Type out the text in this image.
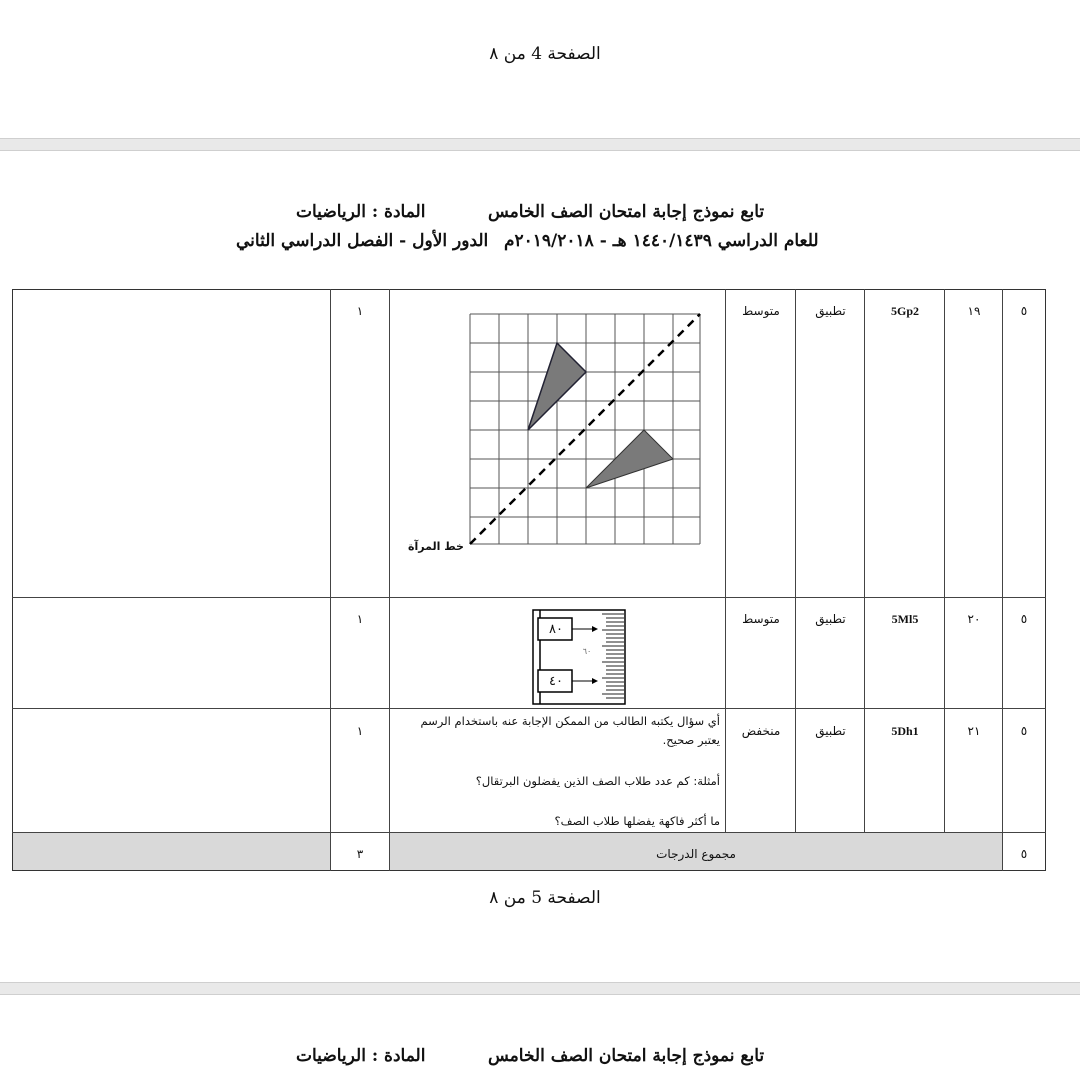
الصفحة 4 من ٨
تابع نموذج إجابة امتحان الصف الخامس
المادة : الرياضيات
للعام الدراسي ١٤٤٠/١٤٣٩ هـ - ٢٠١٩/٢٠١٨م
الدور الأول - الفصل الدراسي الثاني
٥
١٩
5Gp2
تطبيق
متوسط
١
خط المرآة
٥
٢٠
5Ml5
تطبيق
متوسط
١
٨٠
٦٠
٤٠
٥
٢١
5Dh1
تطبيق
منخفض
١
أي سؤال يكتبه الطالب من الممكن الإجابة عنه باستخدام الرسم
يعتبر صحيح.
أمثلة: كم عدد طلاب الصف الذين يفضلون البرتقال؟
ما أكثر فاكهة يفضلها طلاب الصف؟
٥
مجموع الدرجات
٣
الصفحة 5 من ٨
تابع نموذج إجابة امتحان الصف الخامس
المادة : الرياضيات
